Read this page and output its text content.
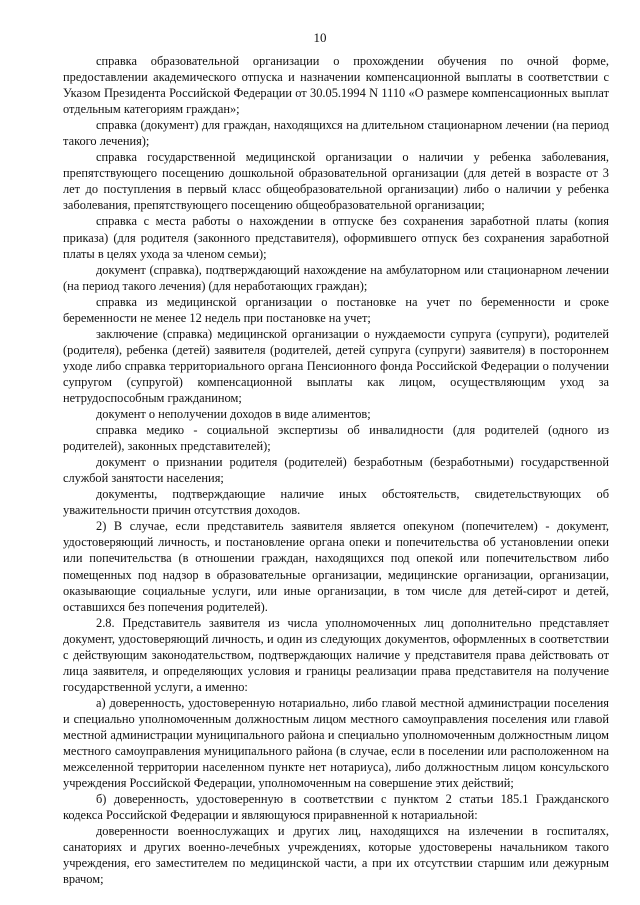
10

справка образовательной организации о прохождении обучения по очной форме, предоставлении академического отпуска и назначении компенсационной выплаты в соответствии с Указом Президента Российской Федерации от 30.05.1994 N 1110 «О размере компенсационных выплат отдельным категориям граждан»;

справка (документ) для граждан, находящихся на длительном стационарном лечении (на период такого лечения);

справка государственной медицинской организации о наличии у ребенка заболевания, препятствующего посещению дошкольной образовательной организации (для детей в возрасте от 3 лет до поступления в первый класс общеобразовательной организации) либо о наличии у ребенка заболевания, препятствующего посещению общеобразовательной организации;

справка с места работы о нахождении в отпуске без сохранения заработной платы (копия приказа) (для родителя (законного представителя), оформившего отпуск без сохранения заработной платы в целях ухода за членом семьи);

документ (справка), подтверждающий нахождение на амбулаторном или стационарном лечении (на период такого лечения) (для неработающих граждан);

справка из медицинской организации о постановке на учет по беременности и сроке беременности не менее 12 недель при постановке на учет;

заключение (справка) медицинской организации о нуждаемости супруга (супруги), родителей (родителя), ребенка (детей) заявителя (родителей, детей супруга (супруги) заявителя) в постороннем уходе либо справка территориального органа Пенсионного фонда Российской Федерации о получении супругом (супругой) компенсационной выплаты как лицом, осуществляющим уход за нетрудоспособным гражданином;

документ о неполучении доходов в виде алиментов;

справка медико - социальной экспертизы об инвалидности (для родителей (одного из родителей), законных представителей);

документ о признании родителя (родителей) безработным (безработными) государственной службой занятости населения;

документы, подтверждающие наличие иных обстоятельств, свидетельствующих об уважительности причин отсутствия доходов.

2) В случае, если представитель заявителя является опекуном (попечителем) - документ, удостоверяющий личность, и постановление органа опеки и попечительства об установлении опеки или попечительства (в отношении граждан, находящихся под опекой или попечительством либо помещенных под надзор в образовательные организации, медицинские организации, организации, оказывающие социальные услуги, или иные организации, в том числе для детей-сирот и детей, оставшихся без попечения родителей).

2.8. Представитель заявителя из числа уполномоченных лиц дополнительно представляет документ, удостоверяющий личность, и один из следующих документов, оформленных в соответствии с действующим законодательством, подтверждающих наличие у представителя права действовать от лица заявителя, и определяющих условия и границы реализации права представителя на получение государственной услуги, а именно:

а) доверенность, удостоверенную нотариально, либо главой местной администрации поселения и специально уполномоченным должностным лицом местного самоуправления поселения или главой местной администрации муниципального района и специально уполномоченным должностным лицом местного самоуправления муниципального района (в случае, если в поселении или расположенном на межселенной территории населенном пункте нет нотариуса), либо должностным лицом консульского учреждения Российской Федерации, уполномоченным на совершение этих действий;

б) доверенность, удостоверенную в соответствии с пунктом 2 статьи 185.1 Гражданского кодекса Российской Федерации и являющуюся приравненной к нотариальной:

доверенности военнослужащих и других лиц, находящихся на излечении в госпиталях, санаториях и других военно-лечебных учреждениях, которые удостоверены начальником такого учреждения, его заместителем по медицинской части, а при их отсутствии старшим или дежурным врачом;
